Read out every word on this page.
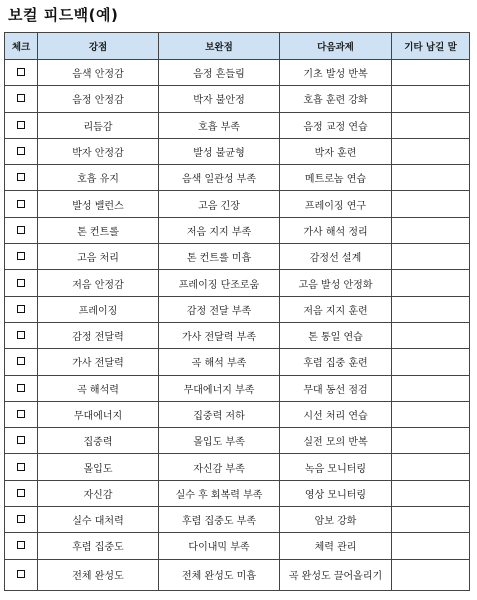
보컬 피드백(예)
체크	강점	보완점	다음과제	기타 남길 말
	음색 안정감	음정 흔들림	기초 발성 반복	
	음정 안정감	박자 불안정	호흡 훈련 강화	
	리듬감	호흡 부족	음정 교정 연습	
	박자 안정감	발성 불균형	박자 훈련	
	호흡 유지	음색 일관성 부족	메트로놈 연습	
	발성 밸런스	고음 긴장	프레이징 연구	
	톤 컨트롤	저음 지지 부족	가사 해석 정리	
	고음 처리	톤 컨트롤 미흡	감정선 설계	
	저음 안정감	프레이징 단조로움	고음 발성 안정화	
	프레이징	감정 전달 부족	저음 지지 훈련	
	감정 전달력	가사 전달력 부족	톤 통일 연습	
	가사 전달력	곡 해석 부족	후렴 집중 훈련	
	곡 해석력	무대에너지 부족	무대 동선 점검	
	무대에너지	집중력 저하	시선 처리 연습	
	집중력	몰입도 부족	실전 모의 반복	
	몰입도	자신감 부족	녹음 모니터링	
	자신감	실수 후 회복력 부족	영상 모니터링	
	실수 대처력	후렴 집중도 부족	암보 강화	
	후렴 집중도	다이내믹 부족	체력 관리	
	전체 완성도	전체 완성도 미흡	곡 완성도 끌어올리기	
